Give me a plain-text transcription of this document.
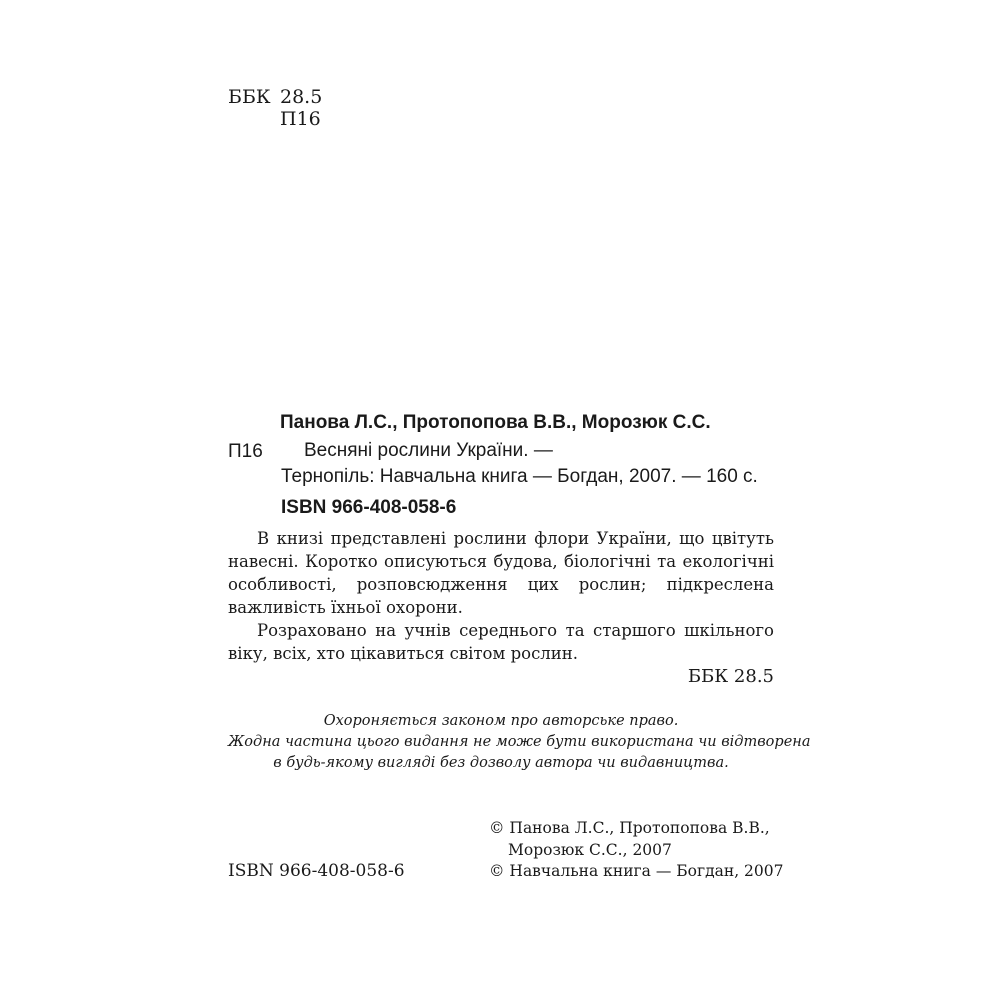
ББК 28.5
П16
Панова Л.С., Протопопова В.В., Морозюк С.С.
П16 Весняні рослини України. —
Тернопіль: Навчальна книга — Богдан, 2007. — 160 с.
ISBN 966-408-058-6

В книзі представлені рослини флори України, що цвітуть навесні. Коротко описуються будова, біологічні та екологічні особливості, розповсюдження цих рослин; підкреслена важливість їхньої охорони.

Розраховано на учнів середнього та старшого шкільного віку, всіх, хто цікавиться світом рослин.

ББК 28.5
Охороняється законом про авторське право.
Жодна частина цього видання не може бути використана чи відтворена
в будь-якому вигляді без дозволу автора чи видавництва.
ISBN 966-408-058-6
© Панова Л.С., Протопопова В.В.,
Морозюк С.С., 2007
© Навчальна книга — Богдан, 2007
